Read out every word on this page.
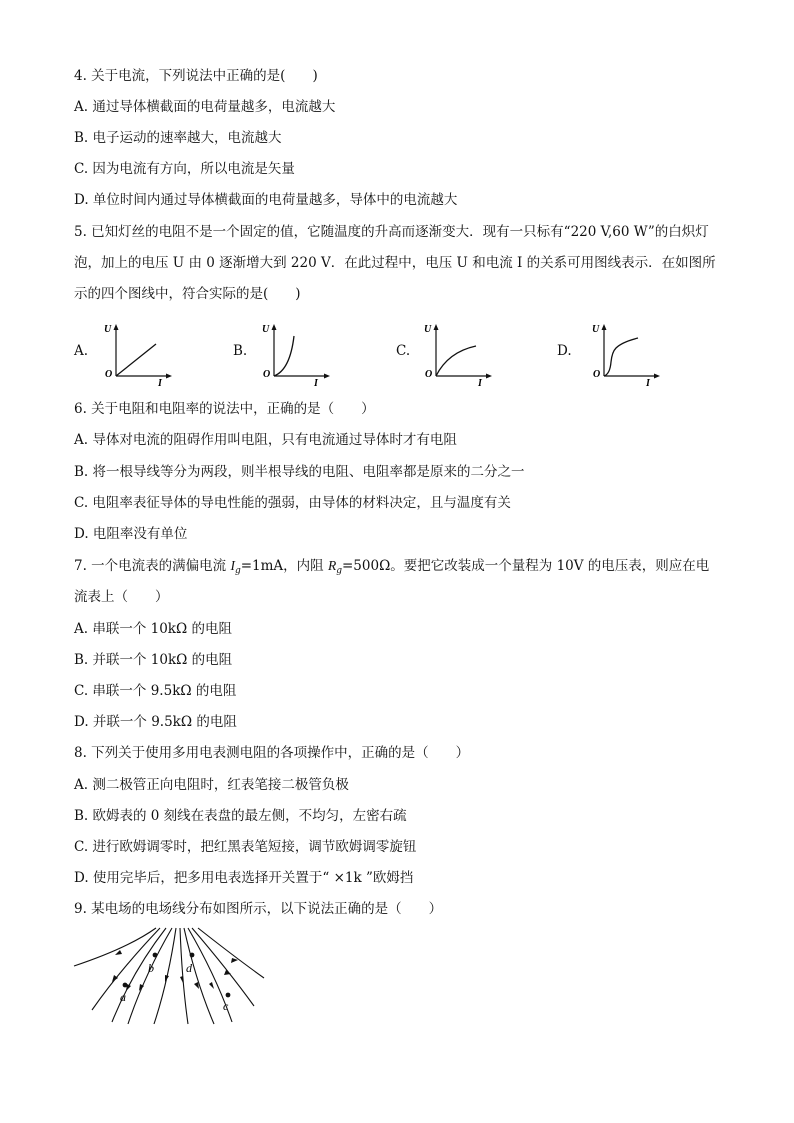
4. 关于电流，下列说法中正确的是(　　)
A. 通过导体横截面的电荷量越多，电流越大
B. 电子运动的速率越大，电流越大
C. 因为电流有方向，所以电流是矢量
D. 单位时间内通过导体横截面的电荷量越多，导体中的电流越大
5. 已知灯丝的电阻不是一个固定的值，它随温度的升高而逐渐变大．现有一只标有“220 V,60 W”的白炽灯
泡，加上的电压 U 由 0 逐渐增大到 220 V．在此过程中，电压 U 和电流 I 的关系可用图线表示．在如图所
示的四个图线中，符合实际的是(　　)
A.
U
O
I
B.
U
O
I
C.
U
O
I
D.
U
O
I
6. 关于电阻和电阻率的说法中，正确的是（　　）
A. 导体对电流的阻碍作用叫电阻，只有电流通过导体时才有电阻
B. 将一根导线等分为两段，则半根导线的电阻、电阻率都是原来的二分之一
C. 电阻率表征导体的导电性能的强弱，由导体的材料决定，且与温度有关
D. 电阻率没有单位
7. 一个电流表的满偏电流 $I_g=1mA$，内阻 $R_g=500\Omega$。要把它改装成一个量程为 10V 的电压表，则应在电
流表上（　　）
A. 串联一个 10kΩ 的电阻
B. 并联一个 10kΩ 的电阻
C. 串联一个 9.5kΩ 的电阻
D. 并联一个 9.5kΩ 的电阻
8. 下列关于使用多用电表测电阻的各项操作中，正确的是（　　）
A. 测二极管正向电阻时，红表笔接二极管负极
B. 欧姆表的 0 刻线在表盘的最左侧，不均匀，左密右疏
C. 进行欧姆调零时，把红黑表笔短接，调节欧姆调零旋钮
D. 使用完毕后，把多用电表选择开关置于“ ×1k ”欧姆挡
9. 某电场的电场线分布如图所示，以下说法正确的是（　　）
a
b
c
d
